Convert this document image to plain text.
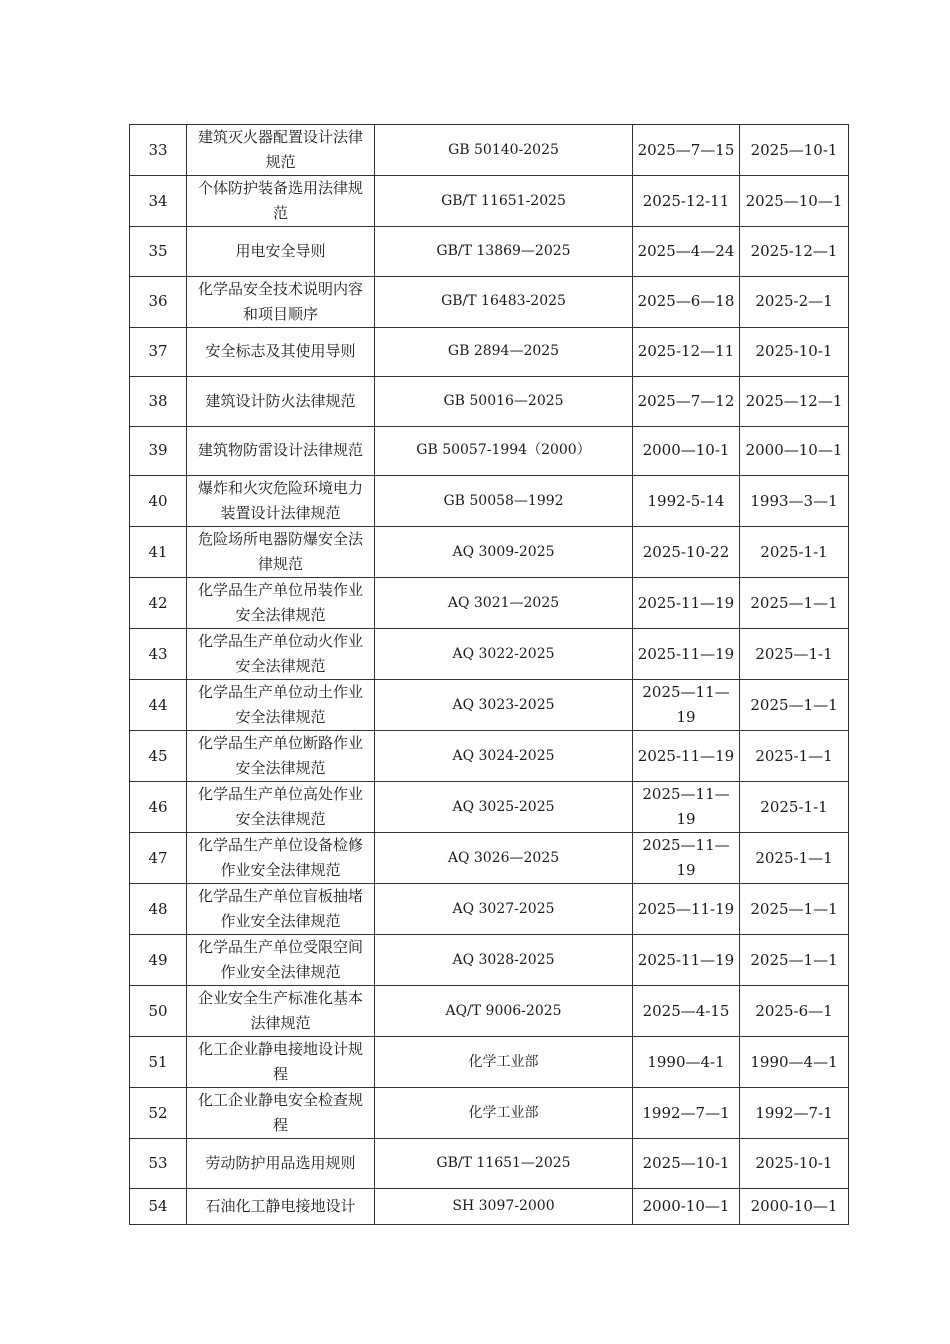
33	建筑灭火器配置设计法律规范	GB 50140-2025	2025—7—15	2025—10-1
34	个体防护装备选用法律规范	GB/T 11651-2025	2025-12-11	2025—10—1
35	用电安全导则	GB/T 13869—2025	2025—4—24	2025-12—1
36	化学品安全技术说明内容和项目顺序	GB/T 16483-2025	2025—6—18	2025-2—1
37	安全标志及其使用导则	GB 2894—2025	2025-12—11	2025-10-1
38	建筑设计防火法律规范	GB 50016—2025	2025—7—12	2025—12—1
39	建筑物防雷设计法律规范	GB 50057-1994（2000）	2000—10-1	2000—10—1
40	爆炸和火灾危险环境电力装置设计法律规范	GB 50058—1992	1992-5-14	1993—3—1
41	危险场所电器防爆安全法律规范	AQ 3009-2025	2025-10-22	2025-1-1
42	化学品生产单位吊装作业安全法律规范	AQ 3021—2025	2025-11—19	2025—1—1
43	化学品生产单位动火作业安全法律规范	AQ 3022-2025	2025-11—19	2025—1-1
44	化学品生产单位动土作业安全法律规范	AQ 3023-2025	2025—11—19	2025—1—1
45	化学品生产单位断路作业安全法律规范	AQ 3024-2025	2025-11—19	2025-1—1
46	化学品生产单位高处作业安全法律规范	AQ 3025-2025	2025—11—19	2025-1-1
47	化学品生产单位设备检修作业安全法律规范	AQ 3026—2025	2025—11—19	2025-1—1
48	化学品生产单位盲板抽堵作业安全法律规范	AQ 3027-2025	2025—11-19	2025—1—1
49	化学品生产单位受限空间作业安全法律规范	AQ 3028-2025	2025-11—19	2025—1—1
50	企业安全生产标准化基本法律规范	AQ/T 9006-2025	2025—4-15	2025-6—1
51	化工企业静电接地设计规程	化学工业部	1990—4-1	1990—4—1
52	化工企业静电安全检查规程	化学工业部	1992—7—1	1992—7-1
53	劳动防护用品选用规则	GB/T 11651—2025	2025—10-1	2025-10-1
54	石油化工静电接地设计	SH 3097-2000	2000-10—1	2000-10—1
